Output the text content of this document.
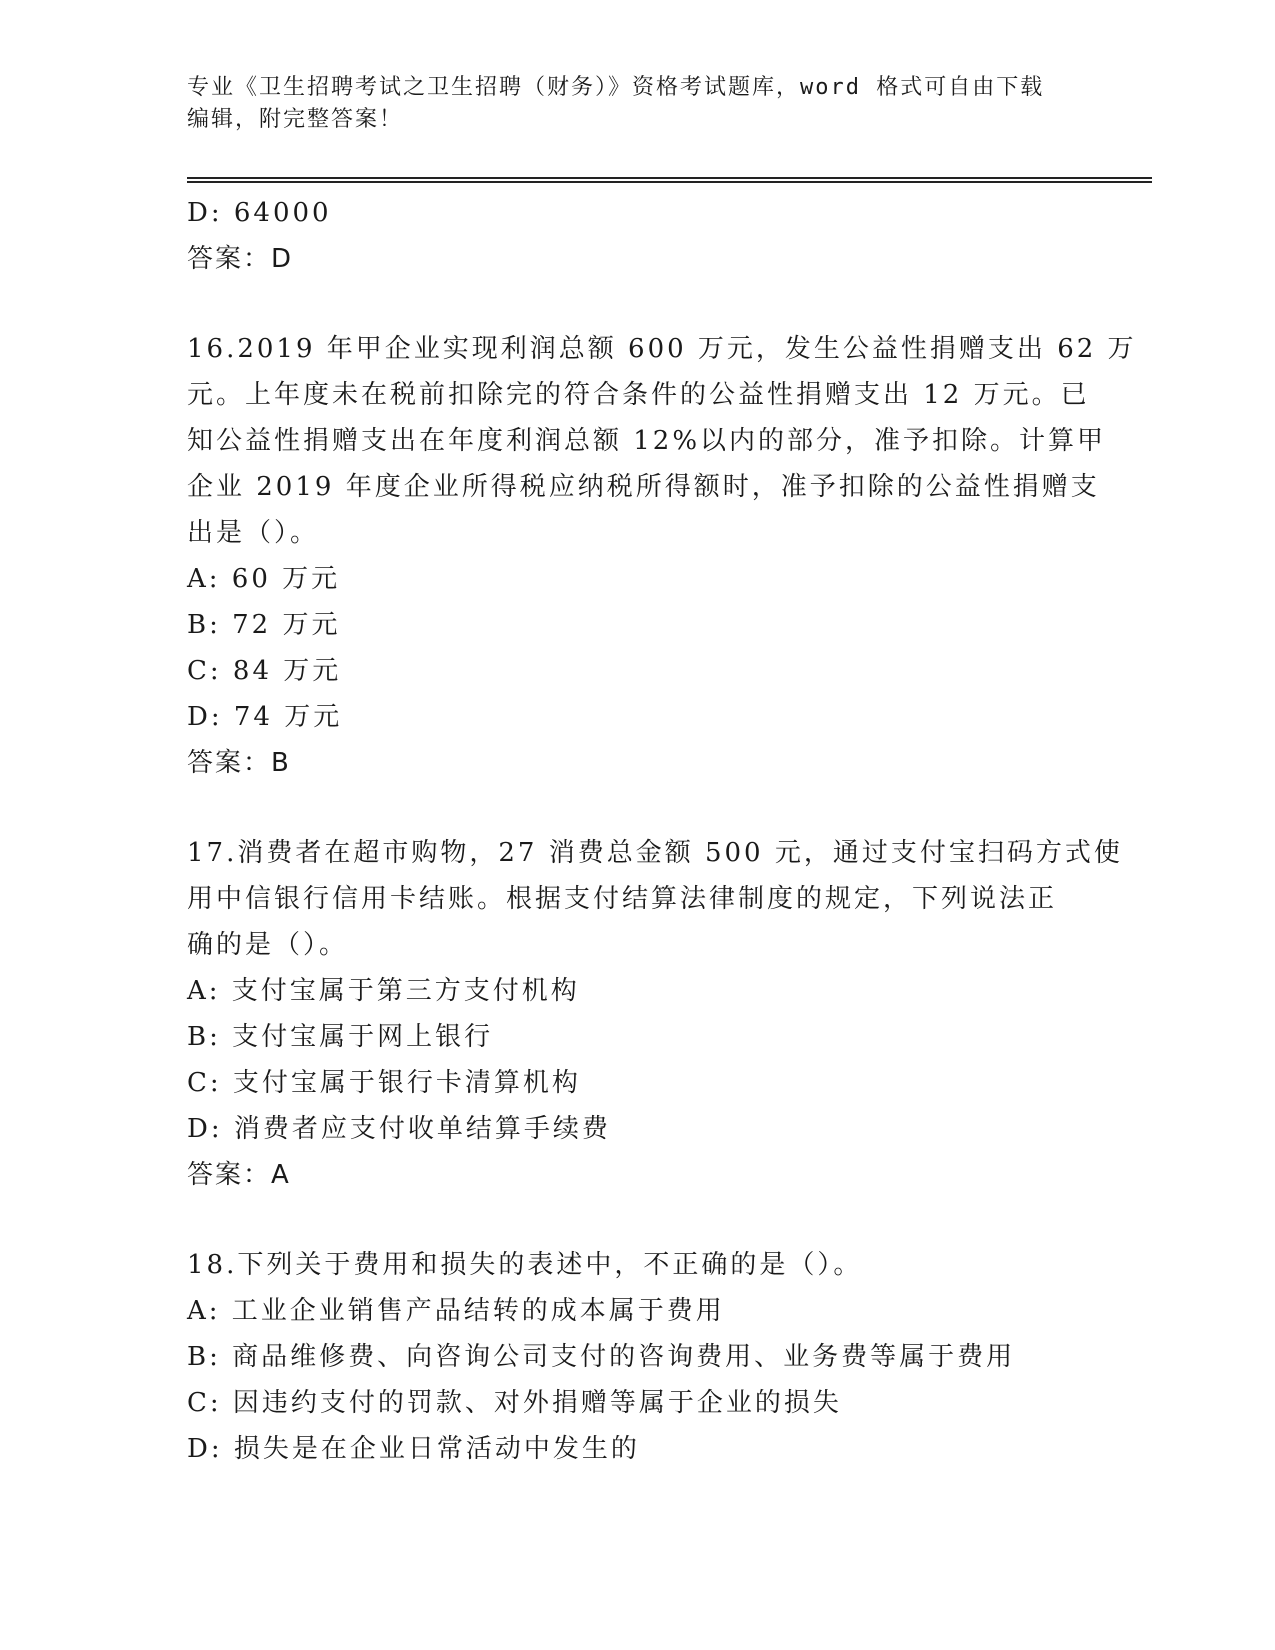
专业《卫生招聘考试之卫生招聘（财务）》资格考试题库，word 格式可自由下载
编辑，附完整答案！
D: 64000
答案：D
16.2019 年甲企业实现利润总额 600 万元，发生公益性捐赠支出 62 万
元。上年度未在税前扣除完的符合条件的公益性捐赠支出 12 万元。已
知公益性捐赠支出在年度利润总额 12%以内的部分，准予扣除。计算甲
企业 2019 年度企业所得税应纳税所得额时，准予扣除的公益性捐赠支
出是（）。
A: 60 万元
B: 72 万元
C: 84 万元
D: 74 万元
答案：B
17.消费者在超市购物，27 消费总金额 500 元，通过支付宝扫码方式使
用中信银行信用卡结账。根据支付结算法律制度的规定，下列说法正
确的是（）。
A: 支付宝属于第三方支付机构
B: 支付宝属于网上银行
C: 支付宝属于银行卡清算机构
D: 消费者应支付收单结算手续费
答案：A
18.下列关于费用和损失的表述中，不正确的是（）。
A: 工业企业销售产品结转的成本属于费用
B: 商品维修费、向咨询公司支付的咨询费用、业务费等属于费用
C: 因违约支付的罚款、对外捐赠等属于企业的损失
D: 损失是在企业日常活动中发生的
